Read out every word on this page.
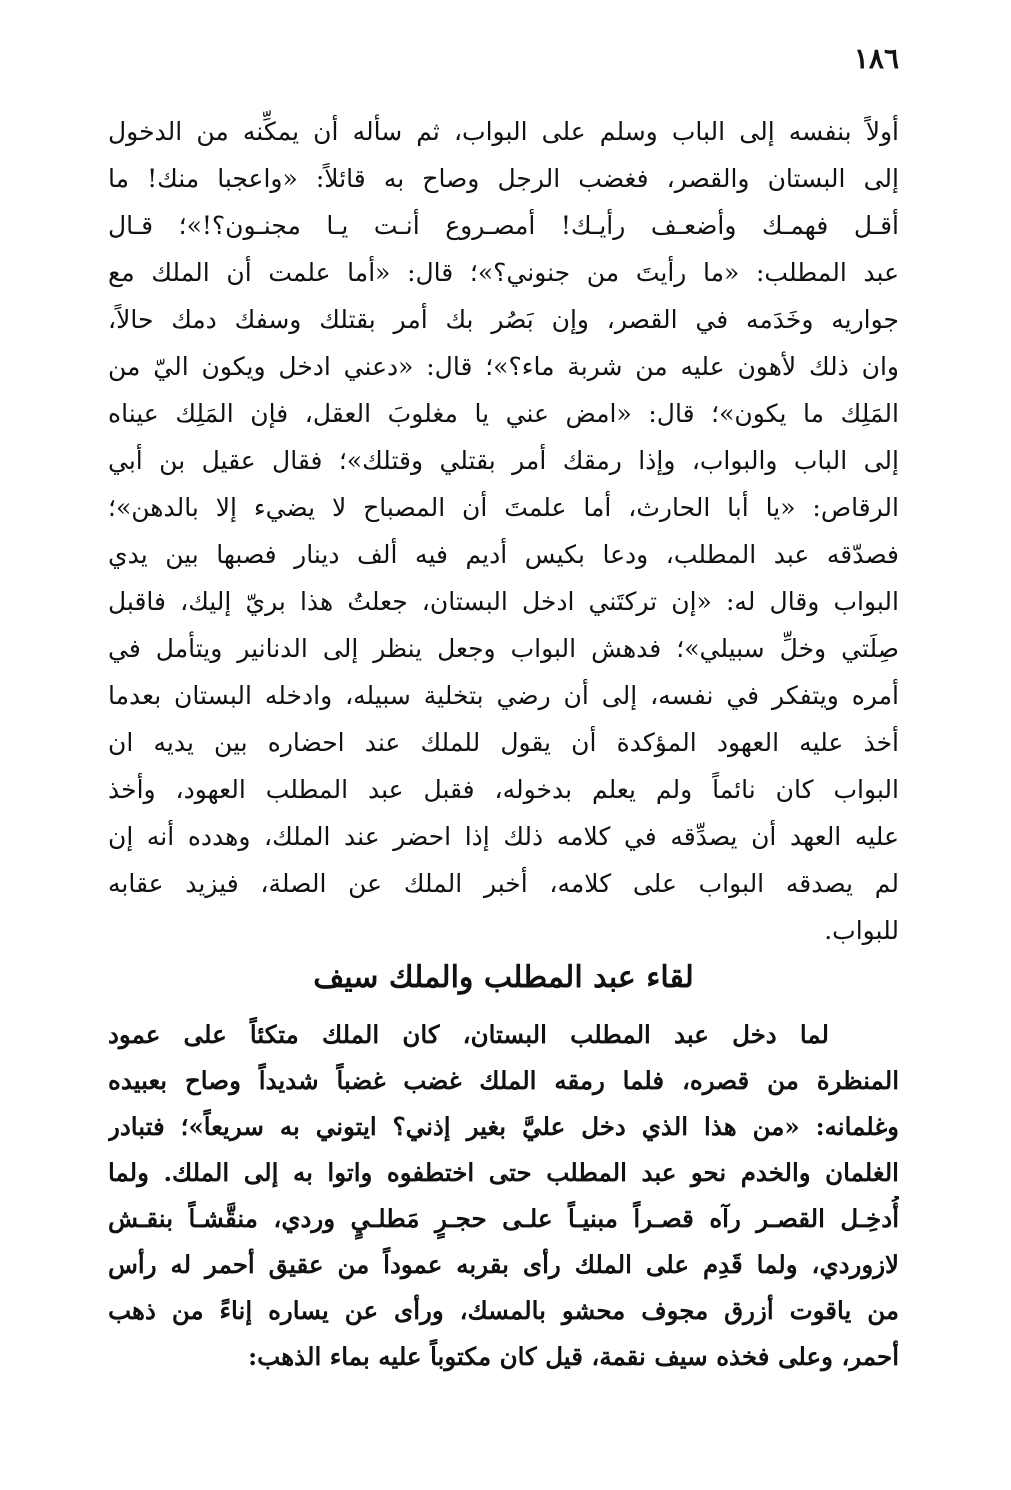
١٨٦
أولاً بنفسه إلى الباب وسلم على البواب، ثم سأله أن يمكِّنه من الدخول
إلى البستان والقصر، فغضب الرجل وصاح به قائلاً: «واعجبا منك! ما
أقـل فهمـك وأضعـف رأيـك! أمصـروع أنـت يـا مجنـون؟!»؛ قـال
عبد المطلب: «ما رأيتَ من جنوني؟»؛ قال: «أما علمت أن الملك مع
جواريه وخَدَمه في القصر، وإن بَصُر بك أمر بقتلك وسفك دمك حالاً،
وان ذلك لأهون عليه من شربة ماء؟»؛ قال: «دعني ادخل ويكون اليّ من
المَلِك ما يكون»؛ قال: «امض عني يا مغلوبَ العقل، فإن المَلِك عيناه
إلى الباب والبواب، وإذا رمقك أمر بقتلي وقتلك»؛ فقال عقيل بن أبي
الرقاص: «يا أبا الحارث، أما علمتَ أن المصباح لا يضيء إلا بالدهن»؛
فصدّقه عبد المطلب، ودعا بكيس أديم فيه ألف دينار فصبها بين يدي
البواب وقال له: «إن تركتَني ادخل البستان، جعلتُ هذا بريّ إليك، فاقبل
صِلَتي وخلِّ سبيلي»؛ فدهش البواب وجعل ينظر إلى الدنانير ويتأمل في
أمره ويتفكر في نفسه، إلى أن رضي بتخلية سبيله، وادخله البستان بعدما
أخذ عليه العهود المؤكدة أن يقول للملك عند احضاره بين يديه ان
البواب كان نائماً ولم يعلم بدخوله، فقبل عبد المطلب العهود، وأخذ
عليه العهد أن يصدِّقه في كلامه ذلك إذا احضر عند الملك، وهدده أنه إن
لم يصدقه البواب على كلامه، أخبر الملك عن الصلة، فيزيد عقابه
للبواب.
لقاء عبد المطلب والملك سيف
لما دخل عبد المطلب البستان، كان الملك متكئاً على عمود
المنظرة من قصره، فلما رمقه الملك غضب غضباً شديداً وصاح بعبيده
وغلمانه: «من هذا الذي دخل عليَّ بغير إذني؟ ايتوني به سريعاً»؛ فتبادر
الغلمان والخدم نحو عبد المطلب حتى اختطفوه واتوا به إلى الملك. ولما
أُدخِـل القصـر رآه قصـراً مبنيـاً علـى حجـرٍ مَطلـيٍ وردي، منقَّشـاً بنقـش
لازوردي، ولما قَدِم على الملك رأى بقربه عموداً من عقيق أحمر له رأس
من ياقوت أزرق مجوف محشو بالمسك، ورأى عن يساره إناءً من ذهب
أحمر، وعلى فخذه سيف نقمة، قيل كان مكتوباً عليه بماء الذهب:
